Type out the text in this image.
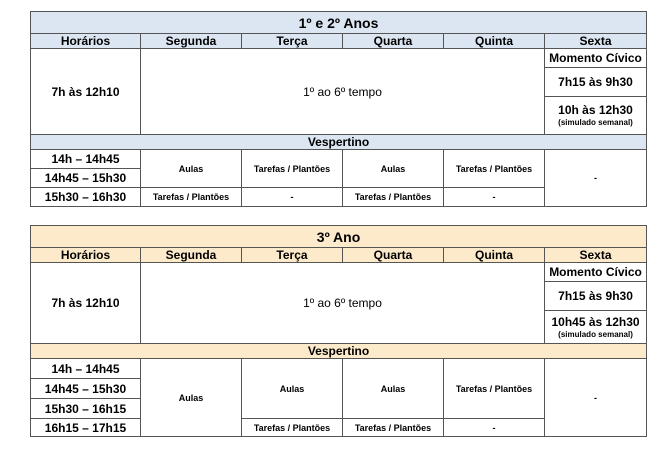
1º e 2º Anos					
Horários	Segunda	Terça	Quarta	Quinta	Sexta
7h às 12h10	1º ao 6º tempo				Momento Cívico
					7h15 às 9h30

					10h às 12h30
(simulado semanal)

Vespertino					
14h – 14h45	Aulas	Tarefas / Plantões	Aulas	Tarefas / Plantões	-
14h45 – 15h30					
15h30 – 16h30	Tarefas / Plantões	-	Tarefas / Plantões	-	
3º Ano					
Horários	Segunda	Terça	Quarta	Quinta	Sexta
7h às 12h10	1º ao 6º tempo				Momento Cívico
					7h15 às 9h30

					10h45 às 12h30
(simulado semanal)

Vespertino					
14h – 14h45	Aulas	Aulas	Aulas	Tarefas / Plantões	-
14h45 – 15h30					
15h30 – 16h15					
16h15 – 17h15		Tarefas / Plantões	Tarefas / Plantões	-	
